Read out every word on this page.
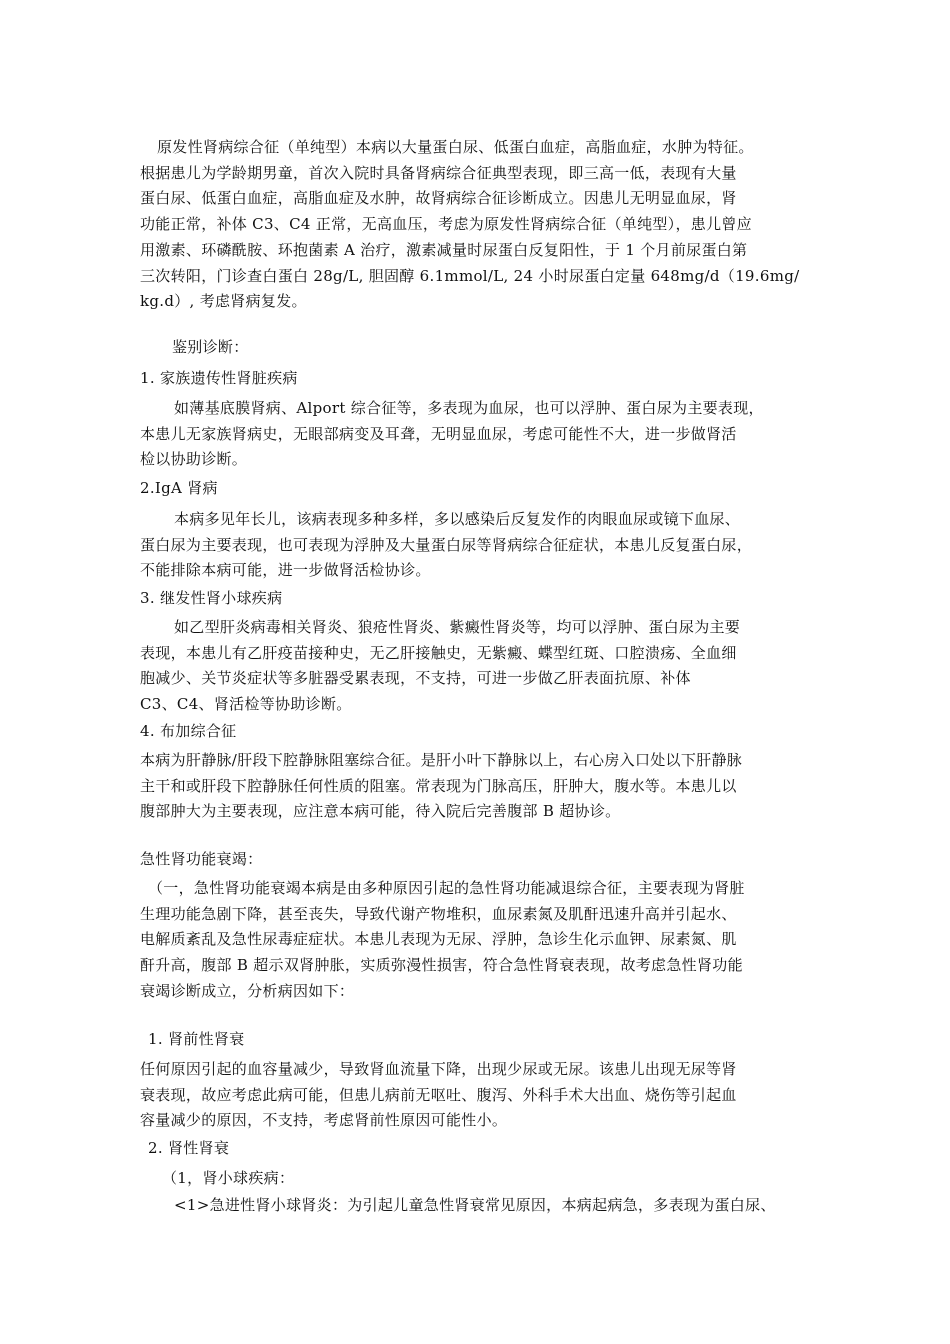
原发性肾病综合征（单纯型）本病以大量蛋白尿、低蛋白血症，高脂血症，水肿为特征。

根据患儿为学龄期男童，首次入院时具备肾病综合征典型表现，即三高一低，表现有大量

蛋白尿、低蛋白血症，高脂血症及水肿，故肾病综合征诊断成立。因患儿无明显血尿，肾

功能正常，补体 C3、C4 正常，无高血压，考虑为原发性肾病综合征（单纯型），患儿曾应

用激素、环磷酰胺、环抱菌素 A 治疗，激素减量时尿蛋白反复阳性，于 1 个月前尿蛋白第

三次转阳，门诊查白蛋白 28g/L, 胆固醇 6.1mmol/L, 24 小时尿蛋白定量 648mg/d（19.6mg/

kg.d）, 考虑肾病复发。

鉴别诊断：

1. 家族遗传性肾脏疾病

如薄基底膜肾病、Alport 综合征等，多表现为血尿，也可以浮肿、蛋白尿为主要表现，

本患儿无家族肾病史，无眼部病变及耳聋，无明显血尿，考虑可能性不大，进一步做肾活

检以协助诊断。

2.IgA 肾病

本病多见年长儿，该病表现多种多样，多以感染后反复发作的肉眼血尿或镜下血尿、

蛋白尿为主要表现，也可表现为浮肿及大量蛋白尿等肾病综合征症状，本患儿反复蛋白尿，

不能排除本病可能，进一步做肾活检协诊。

3. 继发性肾小球疾病

如乙型肝炎病毒相关肾炎、狼疮性肾炎、紫癜性肾炎等，均可以浮肿、蛋白尿为主要

表现，本患儿有乙肝疫苗接种史，无乙肝接触史，无紫癜、蝶型红斑、口腔溃疡、全血细

胞减少、关节炎症状等多脏器受累表现，不支持，可进一步做乙肝表面抗原、补体

C3、C4、肾活检等协助诊断。

4. 布加综合征

本病为肝静脉/肝段下腔静脉阻塞综合征。是肝小叶下静脉以上，右心房入口处以下肝静脉

主干和或肝段下腔静脉任何性质的阻塞。常表现为门脉高压，肝肿大，腹水等。本患儿以

腹部肿大为主要表现，应注意本病可能，待入院后完善腹部 B 超协诊。

急性肾功能衰竭：

（一，急性肾功能衰竭本病是由多种原因引起的急性肾功能减退综合征，主要表现为肾脏

生理功能急剧下降，甚至丧失，导致代谢产物堆积，血尿素氮及肌酐迅速升高并引起水、

电解质紊乱及急性尿毒症症状。本患儿表现为无尿、浮肿，急诊生化示血钾、尿素氮、肌

酐升高，腹部 B 超示双肾肿胀，实质弥漫性损害，符合急性肾衰表现，故考虑急性肾功能

衰竭诊断成立，分析病因如下：

1. 肾前性肾衰

任何原因引起的血容量减少，导致肾血流量下降，出现少尿或无尿。该患儿出现无尿等肾

衰表现，故应考虑此病可能，但患儿病前无呕吐、腹泻、外科手术大出血、烧伤等引起血

容量减少的原因，不支持，考虑肾前性原因可能性小。

2. 肾性肾衰

（1，肾小球疾病：

<1>急进性肾小球肾炎：为引起儿童急性肾衰常见原因，本病起病急，多表现为蛋白尿、
